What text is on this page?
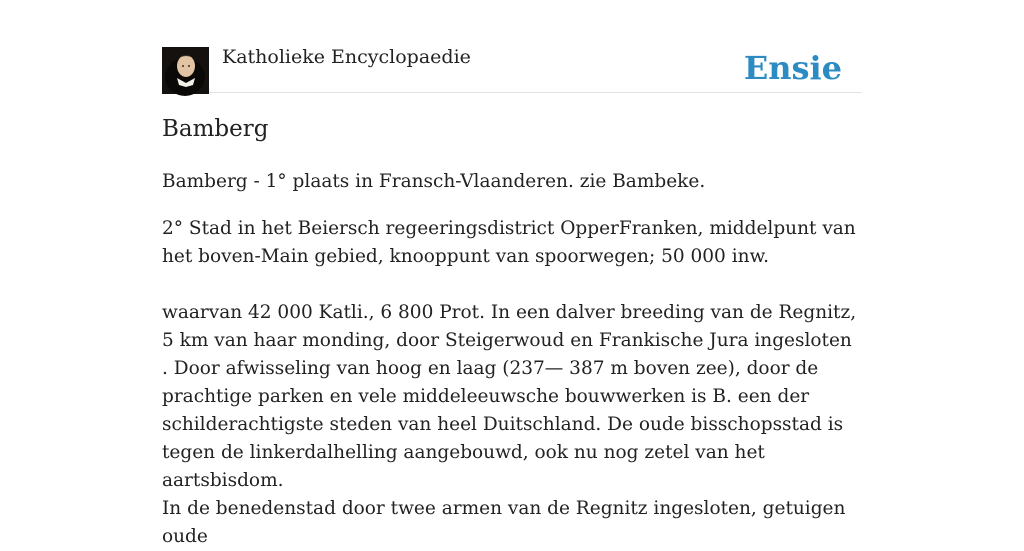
Katholieke Encyclopaedie	Ensie
Bamberg

Bamberg - 1° plaats in Fransch-Vlaanderen. zie Bambeke.

2° Stad in het Beiersch regeeringsdistrict OpperFranken, middelpunt van het boven-Main gebied, knooppunt van spoorwegen; 50 000 inw.

waarvan 42 000 Katli., 6 800 Prot. In een dalver breeding van de Regnitz, 5 km van haar monding, door Steigerwoud en Frankische Jura ingesloten . Door afwisseling van hoog en laag (237— 387 m boven zee), door de prachtige parken en vele middeleeuwsche bouwwerken is B. een der schilderachtigste steden van heel Duitschland. De oude bisschopsstad is tegen de linkerdalhelling aangebouwd, ook nu nog zetel van het aartsbisdom.

In de benedenstad door twee armen van de Regnitz ingesloten, getuigen oude
